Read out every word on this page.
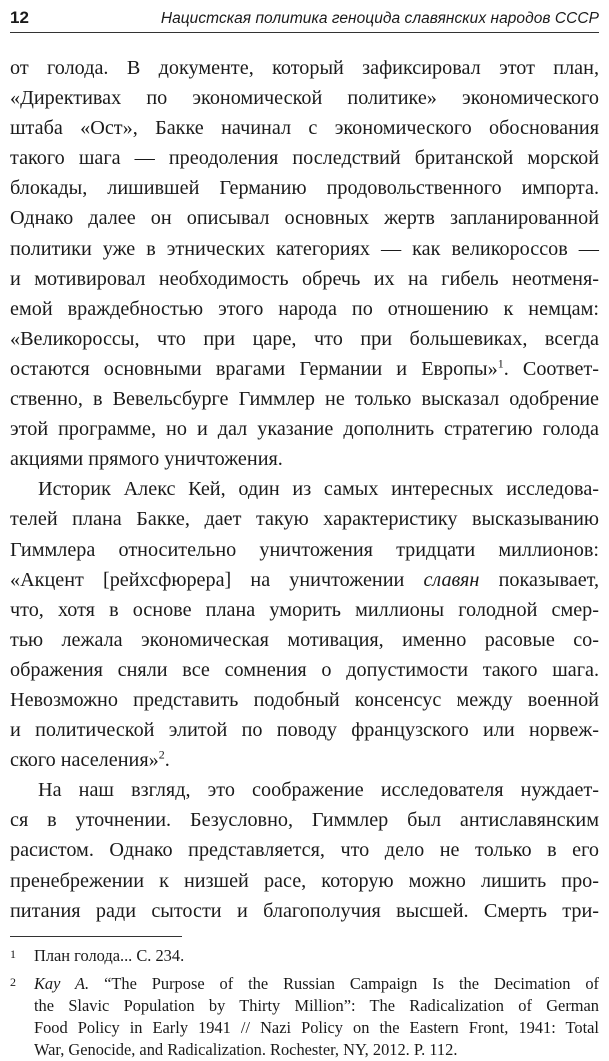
12	Нацистская политика геноцида славянских народов СССР

от голода. В документе, который зафиксировал этот план,
«Директивах по экономической политике» экономического
штаба «Ост», Бакке начинал с экономического обоснования
такого шага — преодоления последствий британской морской
блокады, лишившей Германию продовольственного импорта.
Однако далее он описывал основных жертв запланированной
политики уже в этнических категориях — как великороссов —
и мотивировал необходимость обречь их на гибель неотменя-
емой враждебностью этого народа по отношению к немцам:
«Великороссы, что при царе, что при большевиках, всегда
остаются основными врагами Германии и Европы»$^1$. Соответ-
ственно, в Вевельсбурге Гиммлер не только высказал одобрение
этой программе, но и дал указание дополнить стратегию голода
акциями прямого уничтожения.

Историк Алекс Кей, один из самых интересных исследова-
телей плана Бакке, дает такую характеристику высказыванию
Гиммлера относительно уничтожения тридцати миллионов:
«Акцент [рейхсфюрера] на уничтожении славян показывает,
что, хотя в основе плана уморить миллионы голодной смер-
тью лежала экономическая мотивация, именно расовые со-
ображения сняли все сомнения о допустимости такого шага.
Невозможно представить подобный консенсус между военной
и политической элитой по поводу французского или норвеж-
ского населения»$^2$.

На наш взгляд, это соображение исследователя нуждает-
ся в уточнении. Безусловно, Гиммлер был антиславянским
расистом. Однако представляется, что дело не только в его
пренебрежении к низшей расе, которую можно лишить про-
питания ради сытости и благополучия высшей. Смерть три-

1	План голода... С. 234.
2	Kay A. “The Purpose of the Russian Campaign Is the Decimation of
the Slavic Population by Thirty Million”: The Radicalization of German
Food Policy in Early 1941 // Nazi Policy on the Eastern Front, 1941: Total
War, Genocide, and Radicalization. Rochester, NY, 2012. P. 112.
